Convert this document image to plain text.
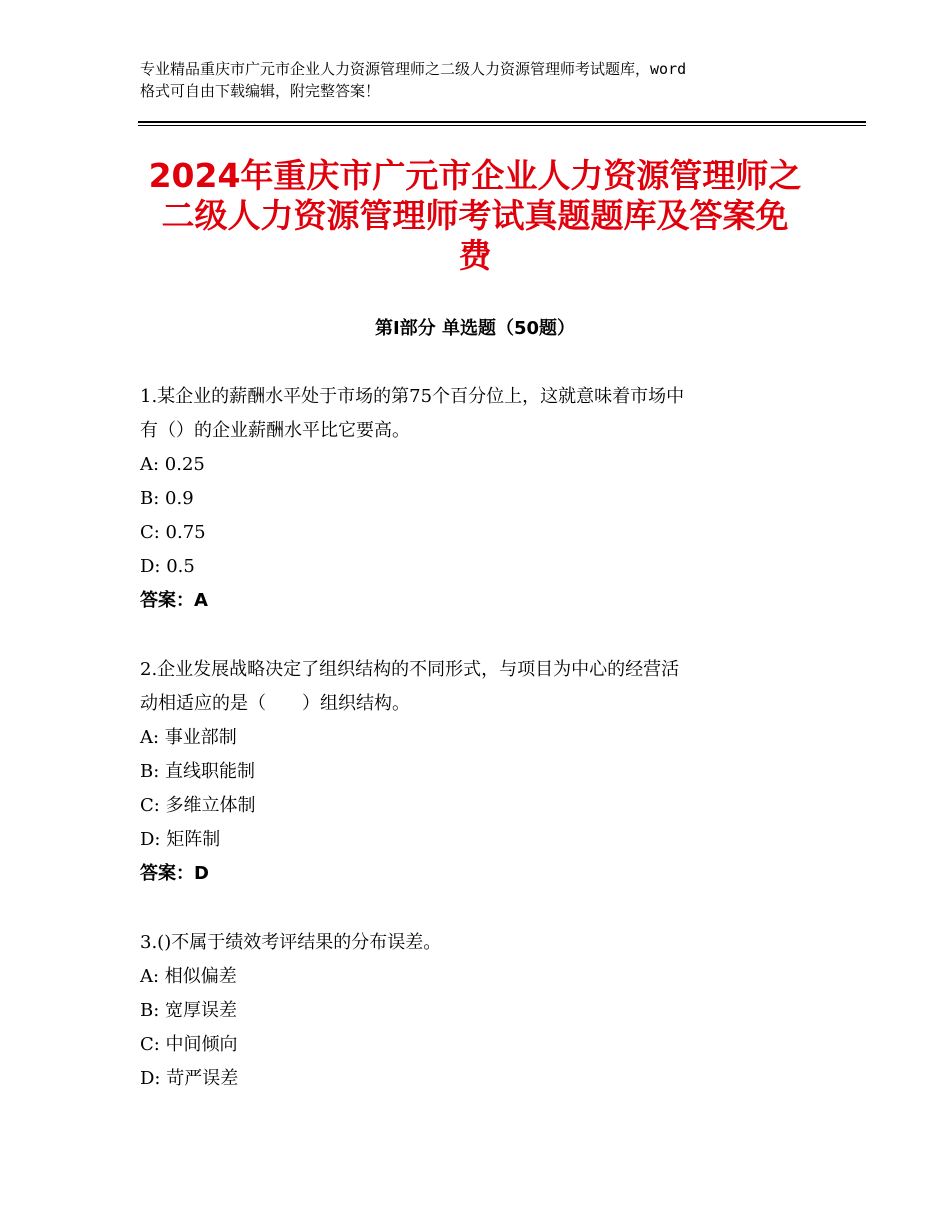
专业精品重庆市广元市企业人力资源管理师之二级人力资源管理师考试题库，word
格式可自由下载编辑，附完整答案！
2024年重庆市广元市企业人力资源管理师之
二级人力资源管理师考试真题题库及答案免
费
第Ⅰ部分 单选题（50题）
1.某企业的薪酬水平处于市场的第75个百分位上，这就意味着市场中
有（）的企业薪酬水平比它要高。
A: 0.25
B: 0.9
C: 0.75
D: 0.5
答案：A
2.企业发展战略决定了组织结构的不同形式，与项目为中心的经营活
动相适应的是（　　）组织结构。
A: 事业部制
B: 直线职能制
C: 多维立体制
D: 矩阵制
答案：D
3.()不属于绩效考评结果的分布误差。
A: 相似偏差
B: 宽厚误差
C: 中间倾向
D: 苛严误差
